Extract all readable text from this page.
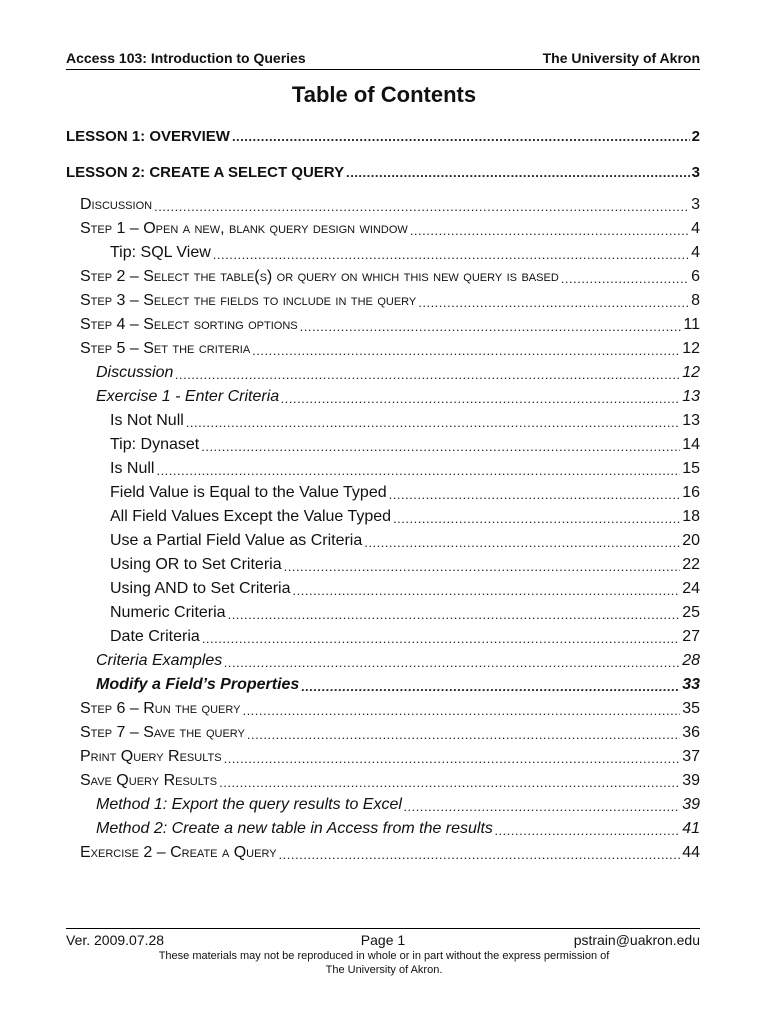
Access 103: Introduction to Queries	The University of Akron
Table of Contents
LESSON 1: OVERVIEW .....	2
LESSON 2: CREATE A SELECT QUERY .....	3
Discussion .....	3
Step 1 – Open a new, blank query design window .....	4
Tip: SQL View .....	4
Step 2 – Select the table(s) or query on which this new query is based .....	6
Step 3 – Select the fields to include in the query .....	8
Step 4 – Select sorting options .....	11
Step 5 – Set the criteria .....	12
Discussion .....	12
Exercise 1 - Enter Criteria .....	13
Is Not Null .....	13
Tip: Dynaset .....	14
Is Null .....	15
Field Value is Equal to the Value Typed .....	16
All Field Values Except the Value Typed .....	18
Use a Partial Field Value as Criteria .....	20
Using OR to Set Criteria .....	22
Using AND to Set Criteria .....	24
Numeric Criteria .....	25
Date Criteria .....	27
Criteria Examples .....	28
Modify a Field’s Properties .....	33
Step 6 – Run the query .....	35
Step 7 – Save the query .....	36
Print Query Results .....	37
Save Query Results .....	39
Method 1: Export the query results to Excel .....	39
Method 2: Create a new table in Access from the results .....	41
Exercise 2 – Create a Query .....	44
Ver. 2009.07.28	Page 1	pstrain@uakron.edu
These materials may not be reproduced in whole or in part without the express permission of
The University of Akron.
